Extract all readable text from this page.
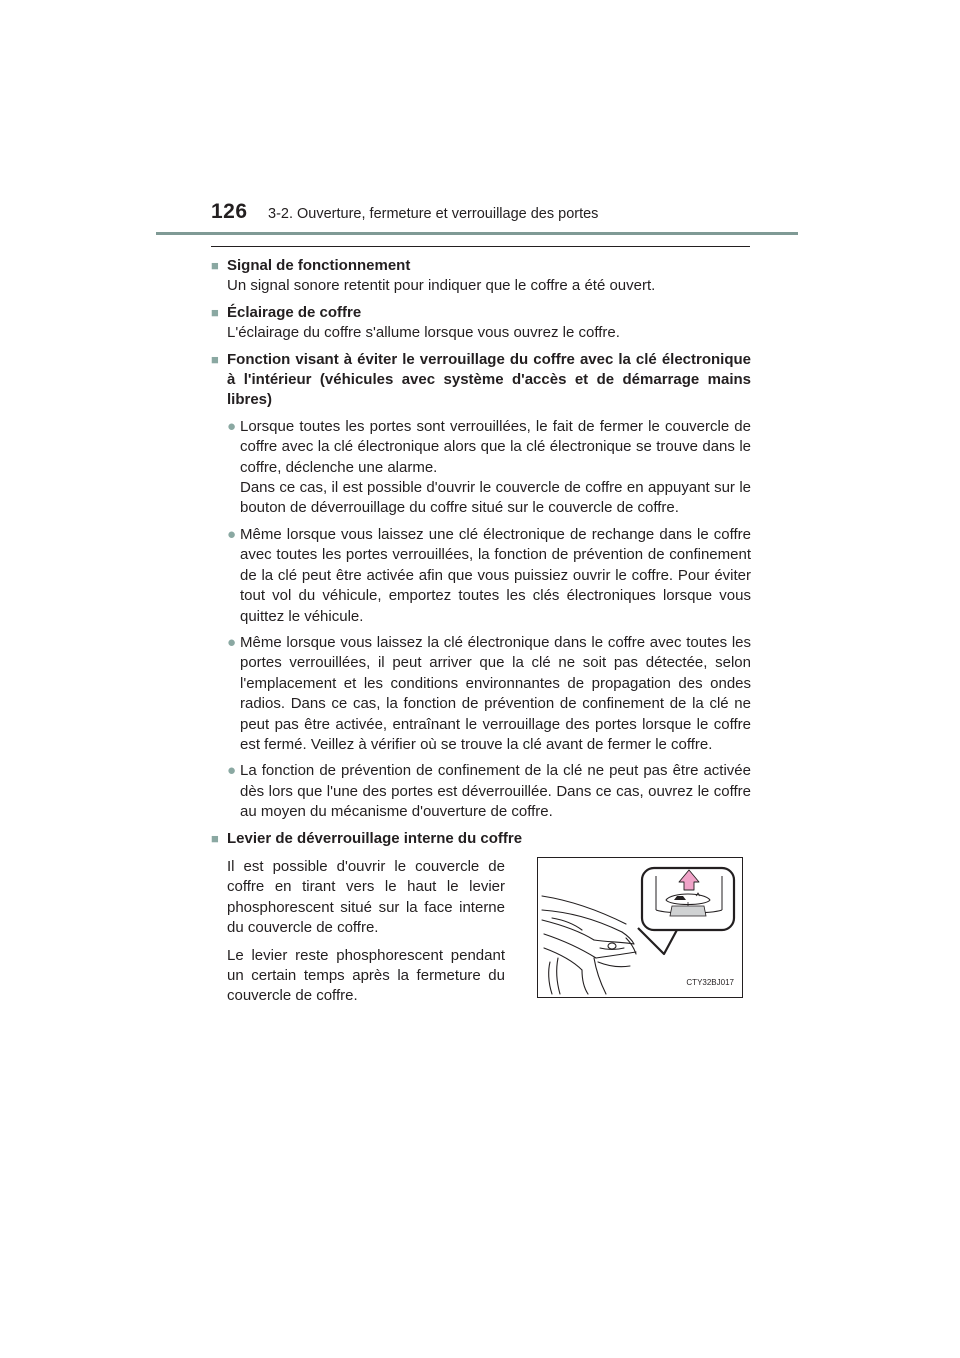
126 3-2. Ouverture, fermeture et verrouillage des portes
■ Signal de fonctionnement
Un signal sonore retentit pour indiquer que le coffre a été ouvert.
■ Éclairage de coffre
L'éclairage du coffre s'allume lorsque vous ouvrez le coffre.
■ Fonction visant à éviter le verrouillage du coffre avec la clé électronique à l'intérieur (véhicules avec système d'accès et de démarrage mains libres)
● Lorsque toutes les portes sont verrouillées, le fait de fermer le couvercle de coffre avec la clé électronique alors que la clé électronique se trouve dans le coffre, déclenche une alarme.

Dans ce cas, il est possible d'ouvrir le couvercle de coffre en appuyant sur le bouton de déverrouillage du coffre situé sur le couvercle de coffre.

● Même lorsque vous laissez une clé électronique de rechange dans le coffre avec toutes les portes verrouillées, la fonction de prévention de confinement de la clé peut être activée afin que vous puissiez ouvrir le coffre. Pour éviter tout vol du véhicule, emportez toutes les clés électroniques lorsque vous quittez le véhicule.

● Même lorsque vous laissez la clé électronique dans le coffre avec toutes les portes verrouillées, il peut arriver que la clé ne soit pas détectée, selon l'emplacement et les conditions environnantes de propagation des ondes radios. Dans ce cas, la fonction de prévention de confinement de la clé ne peut pas être activée, entraînant le verrouillage des portes lorsque le coffre est fermé. Veillez à vérifier où se trouve la clé avant de fermer le coffre.

● La fonction de prévention de confinement de la clé ne peut pas être activée dès lors que l'une des portes est déverrouillée. Dans ce cas, ouvrez le coffre au moyen du mécanisme d'ouverture de coffre.

■ Levier de déverrouillage interne du coffre

Il est possible d'ouvrir le couvercle de coffre en tirant vers le haut le levier phosphorescent situé sur la face interne du couvercle de coffre.

Le levier reste phosphorescent pendant un certain temps après la fermeture du couvercle de coffre.

CTY32BJ017
